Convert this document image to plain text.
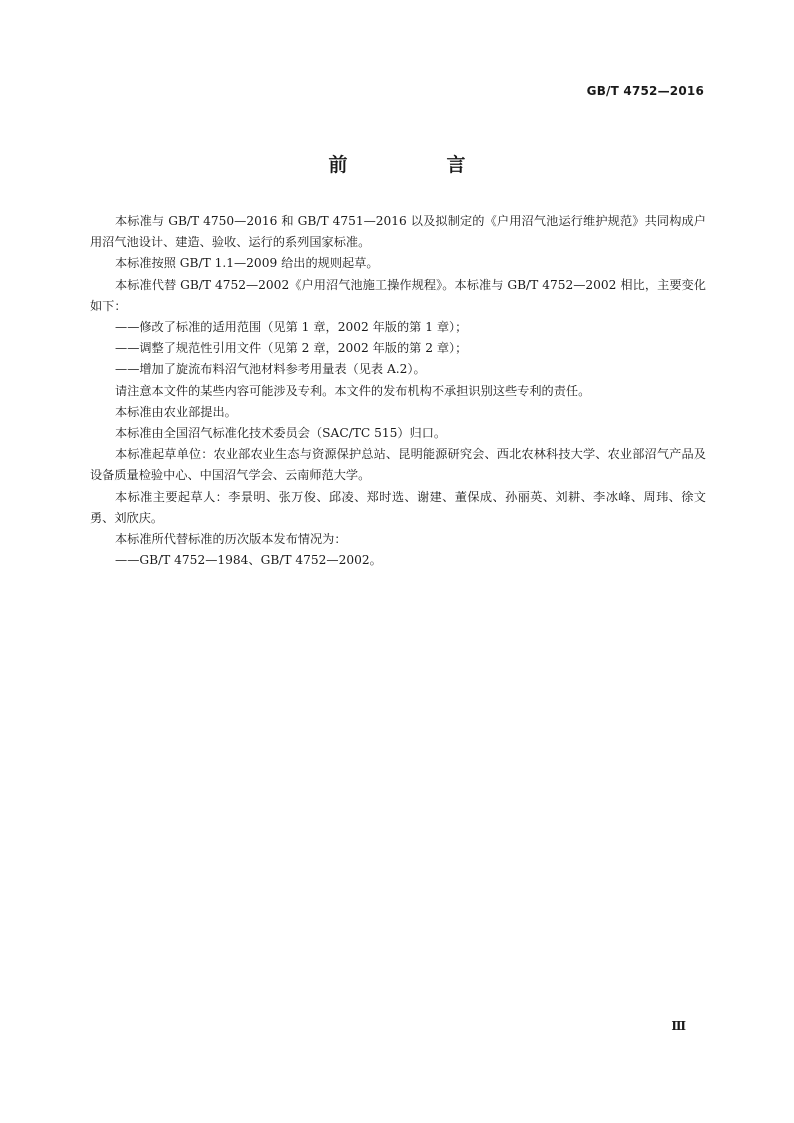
GB/T 4752—2016
前　言

本标准与 GB/T 4750—2016 和 GB/T 4751—2016 以及拟制定的《户用沼气池运行维护规范》共同构成户用沼气池设计、建造、验收、运行的系列国家标准。

本标准按照 GB/T 1.1—2009 给出的规则起草。

本标准代替 GB/T 4752—2002《户用沼气池施工操作规程》。本标准与 GB/T 4752—2002 相比，主要变化如下：

——修改了标准的适用范围（见第 1 章，2002 年版的第 1 章）；

——调整了规范性引用文件（见第 2 章，2002 年版的第 2 章）；

——增加了旋流布料沼气池材料参考用量表（见表 A.2）。

请注意本文件的某些内容可能涉及专利。本文件的发布机构不承担识别这些专利的责任。

本标准由农业部提出。

本标准由全国沼气标准化技术委员会（SAC/TC 515）归口。

本标准起草单位：农业部农业生态与资源保护总站、昆明能源研究会、西北农林科技大学、农业部沼气产品及设备质量检验中心、中国沼气学会、云南师范大学。

本标准主要起草人：李景明、张万俊、邱凌、郑时选、谢建、董保成、孙丽英、刘耕、李冰峰、周玮、徐文勇、刘欣庆。

本标准所代替标准的历次版本发布情况为：

——GB/T 4752—1984、GB/T 4752—2002。

Ⅲ
